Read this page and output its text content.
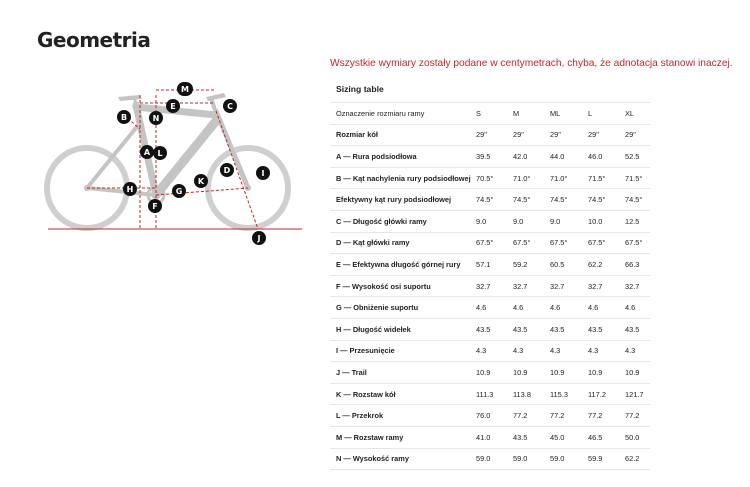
Geometria
Wszystkie wymiary zostały podane w centymetrach, chyba, że adnotacja stanowi inaczej.
M
E	C
B	N
L
A
D	I
K
H	G
F
J
Sizing table
Oznaczenie rozmiaru ramy	S	M	ML	L	XL
Rozmiar kół	29"	29"	29"	29"	29"
A — Rura podsiodłowa	39.5	42.0	44.0	46.0	52.5
B — Kąt nachylenia rury podsiodłowej	70.5°	71.0°	71.0°	71.5°	71.5°
Efektywny kąt rury podsiodłowej	74.5°	74.5°	74.5°	74.5°	74.5°
C — Długość główki ramy	9.0	9.0	9.0	10.0	12.5
D — Kąt główki ramy	67.5°	67.5°	67.5°	67.5°	67.5°
E — Efektywna długość górnej rury	57.1	59.2	60.5	62.2	66.3
F — Wysokość osi suportu	32.7	32.7	32.7	32.7	32.7
G — Obniżenie suportu	4.6	4.6	4.6	4.6	4.6
H — Długość widełek	43.5	43.5	43.5	43.5	43.5
I — Przesunięcie	4.3	4.3	4.3	4.3	4.3
J — Trail	10.9	10.9	10.9	10.9	10.9
K — Rozstaw kół	111.3	113.8	115.3	117.2	121.7
L — Przekrok	76.0	77.2	77.2	77.2	77.2
M — Rozstaw ramy	41.0	43.5	45.0	46.5	50.0
N — Wysokość ramy	59.0	59.0	59.0	59.9	62.2
